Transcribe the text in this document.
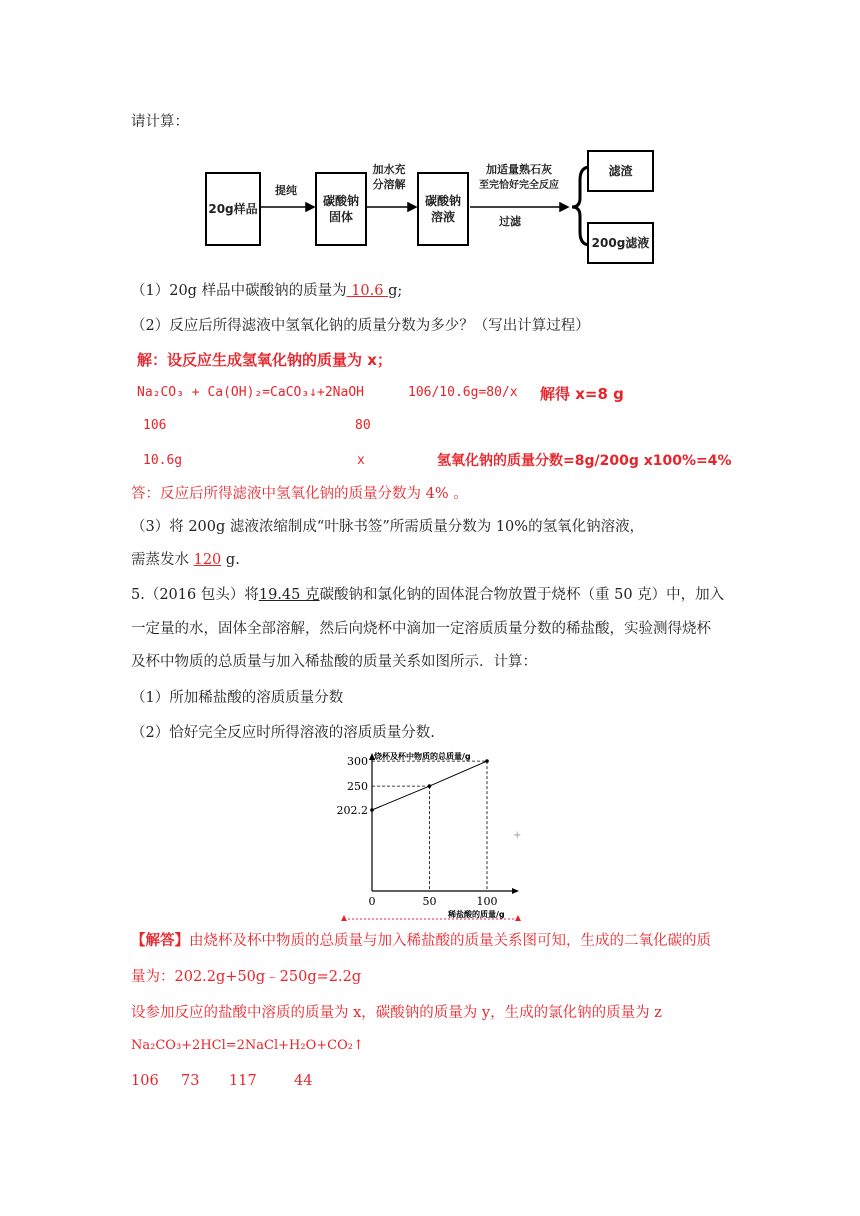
请计算：
20g样品
提纯
碳酸钠
固体
加水充
分溶解
碳酸钠
溶液
加适量熟石灰
至完恰好完全反应
过滤
滤渣
200g滤液
（1）20g 样品中碳酸钠的质量为 10.6 g;
（2）反应后所得滤液中氢氧化钠的质量分数为多少？（写出计算过程）
解：设反应生成氢氧化钠的质量为 x；
Na₂CO₃ + Ca(OH)₂=CaCO₃↓+2NaOH	106/10.6g=80/x 解得 x=8 g
106	80
10.6g	x	氢氧化钠的质量分数=8g/200g x100%=4%
答：反应后所得滤液中氢氧化钠的质量分数为 4% 。
（3）将 200g 滤液浓缩制成“叶脉书签”所需质量分数为 10%的氢氧化钠溶液，
需蒸发水 120 g.
5.（2016 包头）将19.45 克碳酸钠和氯化钠的固体混合物放置于烧杯（重 50 克）中，加入
一定量的水，固体全部溶解，然后向烧杯中滴加一定溶质质量分数的稀盐酸，实验测得烧杯
及杯中物质的总质量与加入稀盐酸的质量关系如图所示．计算：
（1）所加稀盐酸的溶质质量分数
（2）恰好完全反应时所得溶液的溶质质量分数.
烧杯及杯中物质的总质量/g
稀盐酸的质量/g
202.2
250
300
0	50	100
+
【解答】由烧杯及杯中物质的总质量与加入稀盐酸的质量关系图可知，生成的二氧化碳的质
量为：202.2g+50g﹣250g=2.2g
设参加反应的盐酸中溶质的质量为 x，碳酸钠的质量为 y，生成的氯化钠的质量为 z
Na₂CO₃+2HCl=2NaCl+H₂O+CO₂↑
106 73 117	44
